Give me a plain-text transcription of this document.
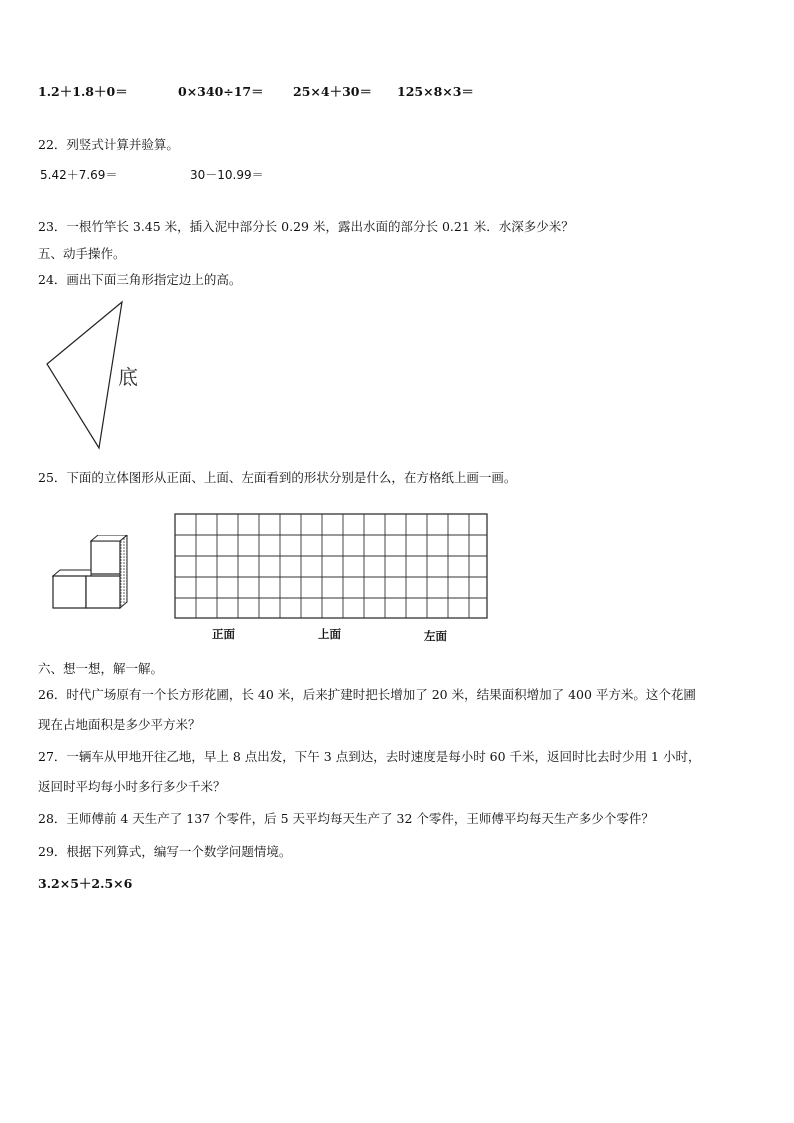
1.2＋1.8＋0＝	0×340÷17＝ 25×4＋30＝ 125×8×3＝
22．列竖式计算并验算。
5.42＋7.69＝	30－10.99＝
23．一根竹竿长 3.45 米，插入泥中部分长 0.29 米，露出水面的部分长 0.21 米．水深多少米？
五、动手操作。
24．画出下面三角形指定边上的高。
底
25．下面的立体图形从正面、上面、左面看到的形状分别是什么，在方格纸上画一画。
正面	上面	左面
六、想一想，解一解。
26．时代广场原有一个长方形花圃，长 40 米，后来扩建时把长增加了 20 米，结果面积增加了 400 平方米。这个花圃
现在占地面积是多少平方米？
27．一辆车从甲地开往乙地，早上 8 点出发，下午 3 点到达，去时速度是每小时 60 千米，返回时比去时少用 1 小时，
返回时平均每小时多行多少千米？
28．王师傅前 4 天生产了 137 个零件，后 5 天平均每天生产了 32 个零件，王师傅平均每天生产多少个零件？
29．根据下列算式，编写一个数学问题情境。
3.2×5＋2.5×6
